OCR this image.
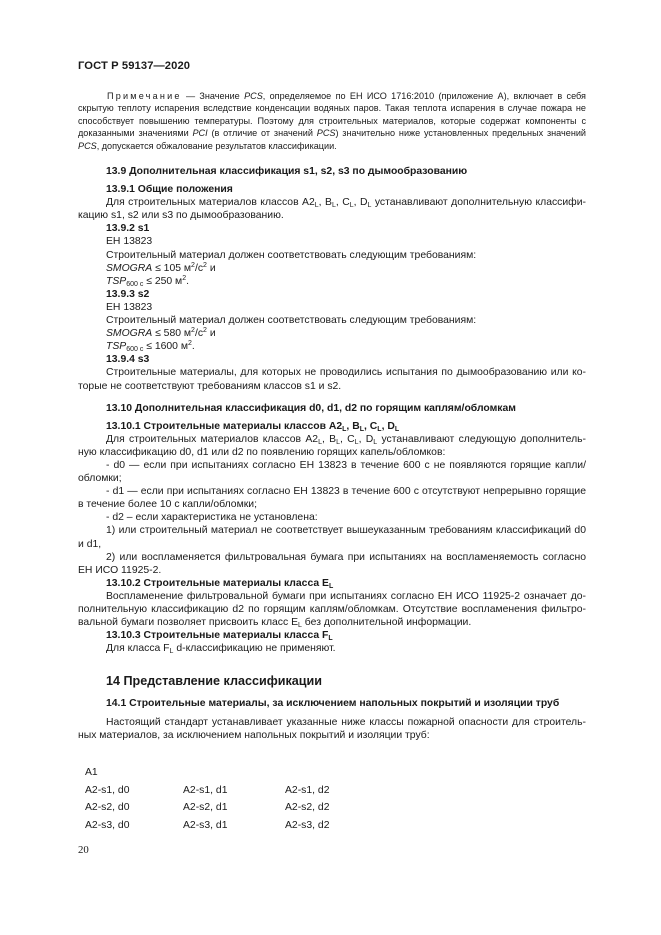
ГОСТ Р 59137—2020

Примечание — Значение PCS, определяемое по ЕН ИСО 1716:2010 (приложение А), включает в себя скрытую теплоту испарения вследствие конденсации водяных паров. Такая теплота испарения в случае пожара не способствует повышению температуры. Поэтому для строительных материалов, которые содержат компоненты с доказанными значениями PCI (в отличие от значений PCS) значительно ниже установленных предельных значений PCS, допускается обжалование результатов классификации.

13.9 Дополнительная классификация s1, s2, s3 по дымообразованию

13.9.1 Общие положения

Для строительных материалов классов $A2_L$, $B_L$, $C_L$, $D_L$ устанавливают дополнительную классифи-кацию s1, s2 или s3 по дымообразованию.

13.9.2 s1

ЕН 13823

Строительный материал должен соответствовать следующим требованиям:

SMOGRA ≤ 105 $м^2/с^2$ и

$TSP_{600 с} \le 250$ $м^2$.

13.9.3 s2

ЕН 13823

Строительный материал должен соответствовать следующим требованиям:

SMOGRA ≤ 580 $м^2/с^2$ и

$TSP_{600 с} \le 1600$ $м^2$.

13.9.4 s3

Строительные материалы, для которых не проводились испытания по дымообразованию или ко-торые не соответствуют требованиям классов s1 и s2.

13.10 Дополнительная классификация d0, d1, d2 по горящим каплям/обломкам

13.10.1 Строительные материалы классов $A2_L$, $B_L$, $C_L$, $D_L$

Для строительных материалов классов $A2_L$, $B_L$, $C_L$, $D_L$ устанавливают следующую дополнитель-ную классификацию d0, d1 или d2 по появлению горящих капель/обломков:

- d0 — если при испытаниях согласно ЕН 13823 в течение 600 с не появляются горящие капли/обломки;

- d1 — если при испытаниях согласно ЕН 13823 в течение 600 с отсутствуют непрерывно горящие в течение более 10 с капли/обломки;

- d2 – если характеристика не установлена:

1) или строительный материал не соответствует вышеуказанным требованиям классификаций d0 и d1,

2) или воспламеняется фильтровальная бумага при испытаниях на воспламеняемость согласно ЕН ИСО 11925-2.

13.10.2 Строительные материалы класса $E_L$

Воспламенение фильтровальной бумаги при испытаниях согласно ЕН ИСО 11925-2 означает до-полнительную классификацию d2 по горящим каплям/обломкам. Отсутствие воспламенения фильтро-вальной бумаги позволяет присвоить класс $E_L$ без дополнительной информации.

13.10.3 Строительные материалы класса $F_L$

Для класса $F_L$ d-классификацию не применяют.

14 Представление классификации

14.1 Строительные материалы, за исключением напольных покрытий и изоляции труб

Настоящий стандарт устанавливает указанные ниже классы пожарной опасности для строитель-ных материалов, за исключением напольных покрытий и изоляции труб:

A1
A2-s1, d0	A2-s1, d1	A2-s1, d2
A2-s2, d0	A2-s2, d1	A2-s2, d2
A2-s3, d0	A2-s3, d1	A2-s3, d2
20
